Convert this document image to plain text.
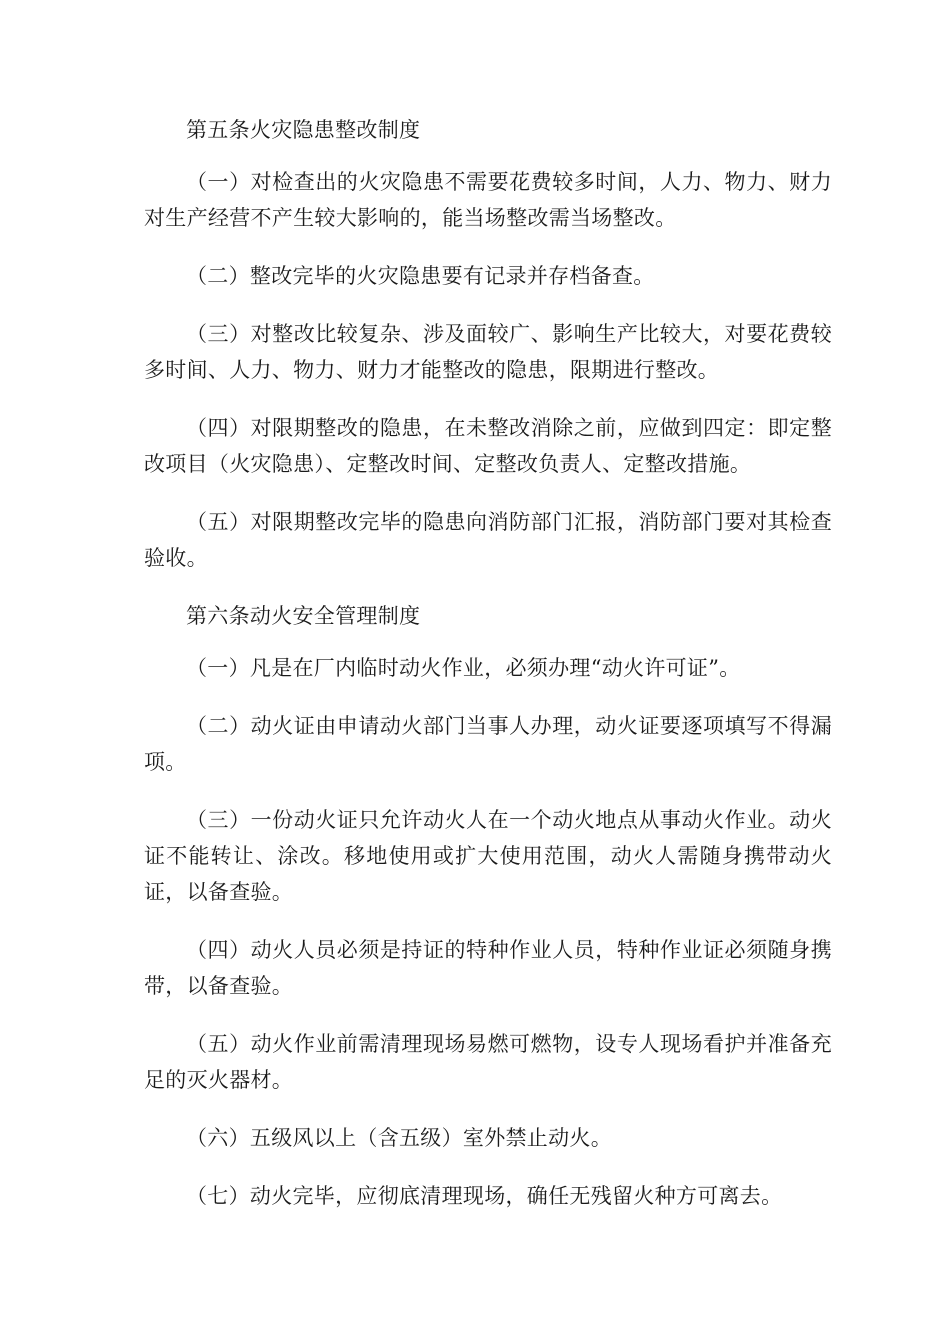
第五条火灾隐患整改制度

（一）对检查出的火灾隐患不需要花费较多时间，人力、物力、财力对生产经营不产生较大影响的，能当场整改需当场整改。

（二）整改完毕的火灾隐患要有记录并存档备查。

（三）对整改比较复杂、涉及面较广、影响生产比较大，对要花费较多时间、人力、物力、财力才能整改的隐患，限期进行整改。

（四）对限期整改的隐患，在未整改消除之前，应做到四定：即定整改项目（火灾隐患）、定整改时间、定整改负责人、定整改措施。

（五）对限期整改完毕的隐患向消防部门汇报，消防部门要对其检查验收。

第六条动火安全管理制度

（一）凡是在厂内临时动火作业，必须办理“动火许可证”。

（二）动火证由申请动火部门当事人办理，动火证要逐项填写不得漏项。

（三）一份动火证只允许动火人在一个动火地点从事动火作业。动火证不能转让、涂改。移地使用或扩大使用范围，动火人需随身携带动火证，以备查验。

（四）动火人员必须是持证的特种作业人员，特种作业证必须随身携带，以备查验。

（五）动火作业前需清理现场易燃可燃物，设专人现场看护并准备充足的灭火器材。

（六）五级风以上（含五级）室外禁止动火。

（七）动火完毕，应彻底清理现场，确任无残留火种方可离去。
